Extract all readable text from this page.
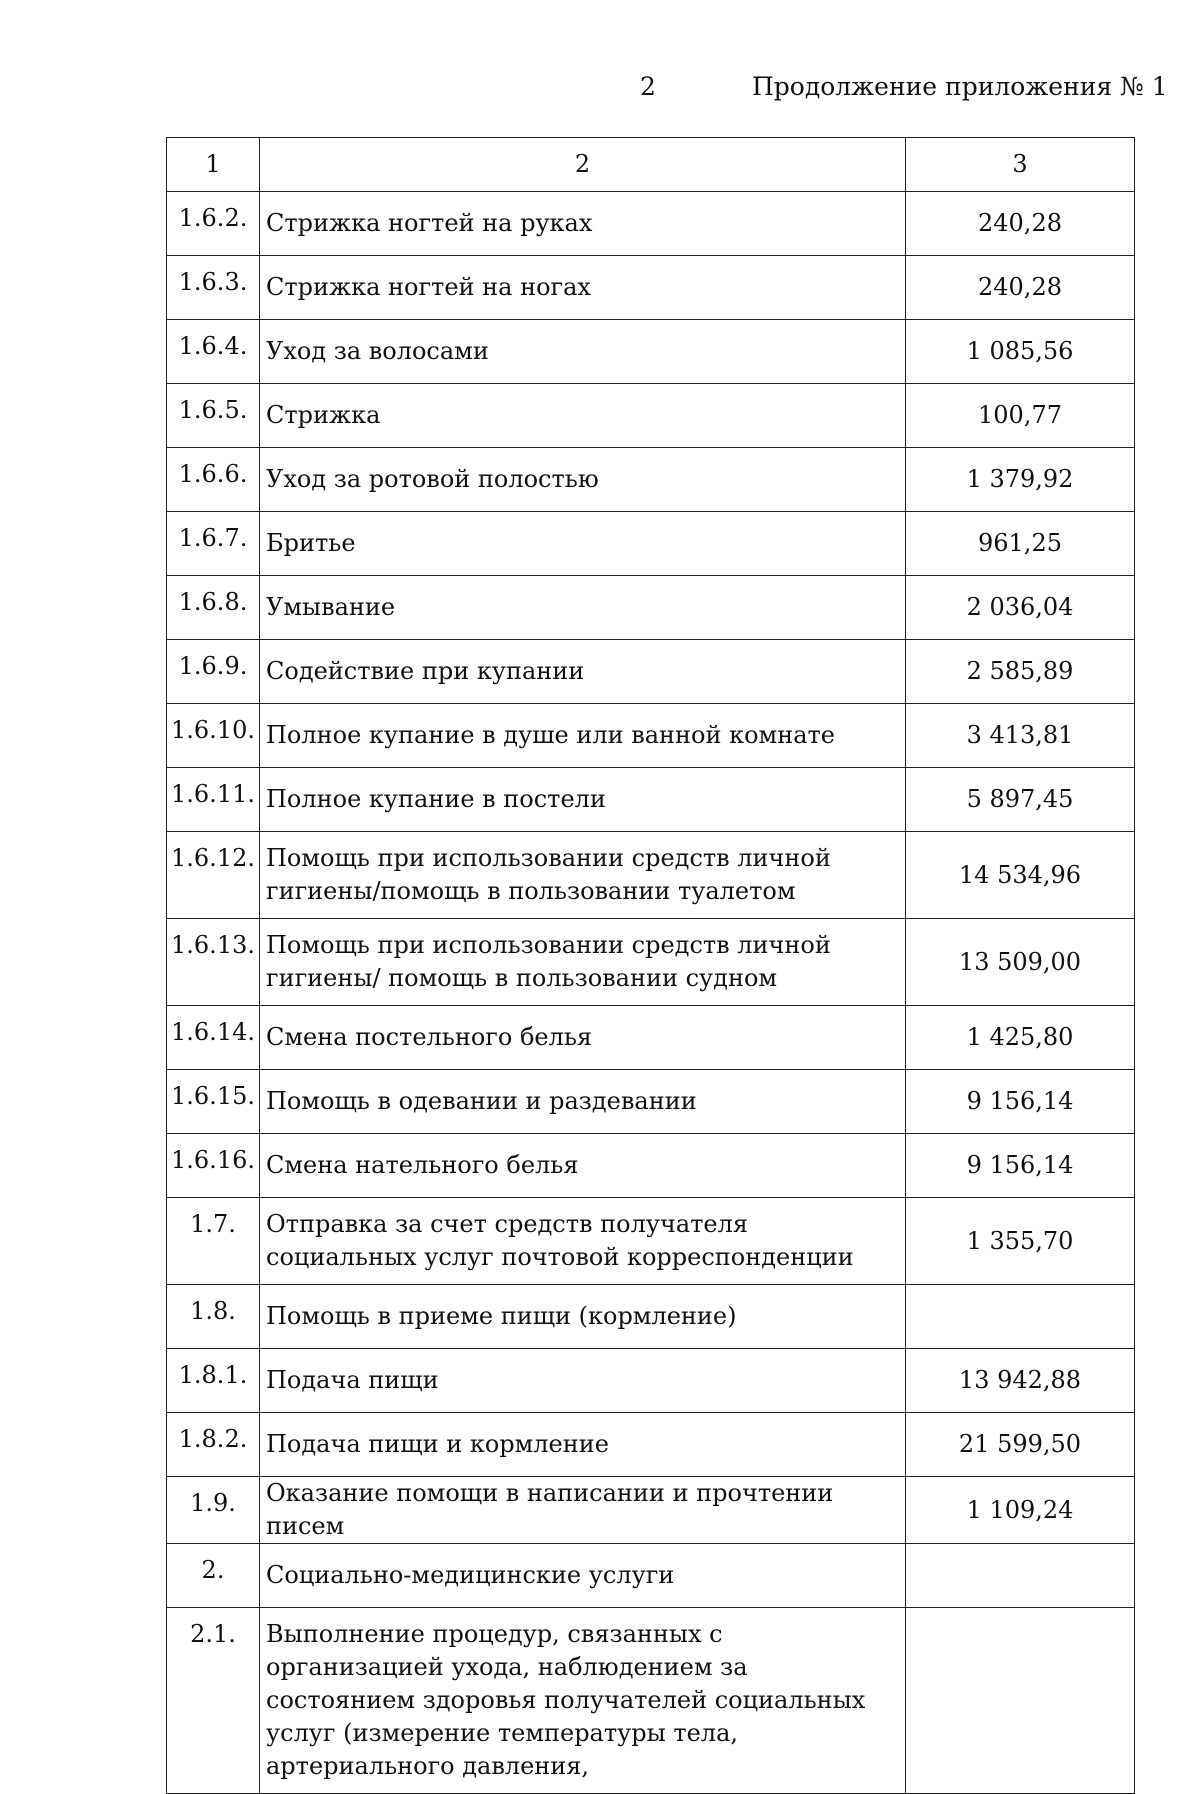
2	Продолжение приложения № 1
1	2	3
1.6.2.	Стрижка ногтей на руках	240,28
1.6.3.	Стрижка ногтей на ногах	240,28
1.6.4.	Уход за волосами	1 085,56
1.6.5.	Стрижка	100,77
1.6.6.	Уход за ротовой полостью	1 379,92
1.6.7.	Бритье	961,25
1.6.8.	Умывание	2 036,04
1.6.9.	Содействие при купании	2 585,89
1.6.10.	Полное купание в душе или ванной комнате	3 413,81
1.6.11.	Полное купание в постели	5 897,45
1.6.12.	Помощь при использовании средств личной гигиены/помощь в пользовании туалетом	14 534,96
1.6.13.	Помощь при использовании средств личной гигиены/ помощь в пользовании судном	13 509,00
1.6.14.	Смена постельного белья	1 425,80
1.6.15.	Помощь в одевании и раздевании	9 156,14
1.6.16.	Смена нательного белья	9 156,14
1.7.	Отправка за счет средств получателя социальных услуг почтовой корреспонденции	1 355,70
1.8.	Помощь в приеме пищи (кормление)	
1.8.1.	Подача пищи	13 942,88
1.8.2.	Подача пищи и кормление	21 599,50
1.9.	Оказание помощи в написании и прочтении писем	1 109,24
2.	Социально-медицинские услуги	
2.1.	Выполнение процедур, связанных с организацией ухода, наблюдением за состоянием здоровья получателей социальных услуг (измерение температуры тела, артериального давления,	
